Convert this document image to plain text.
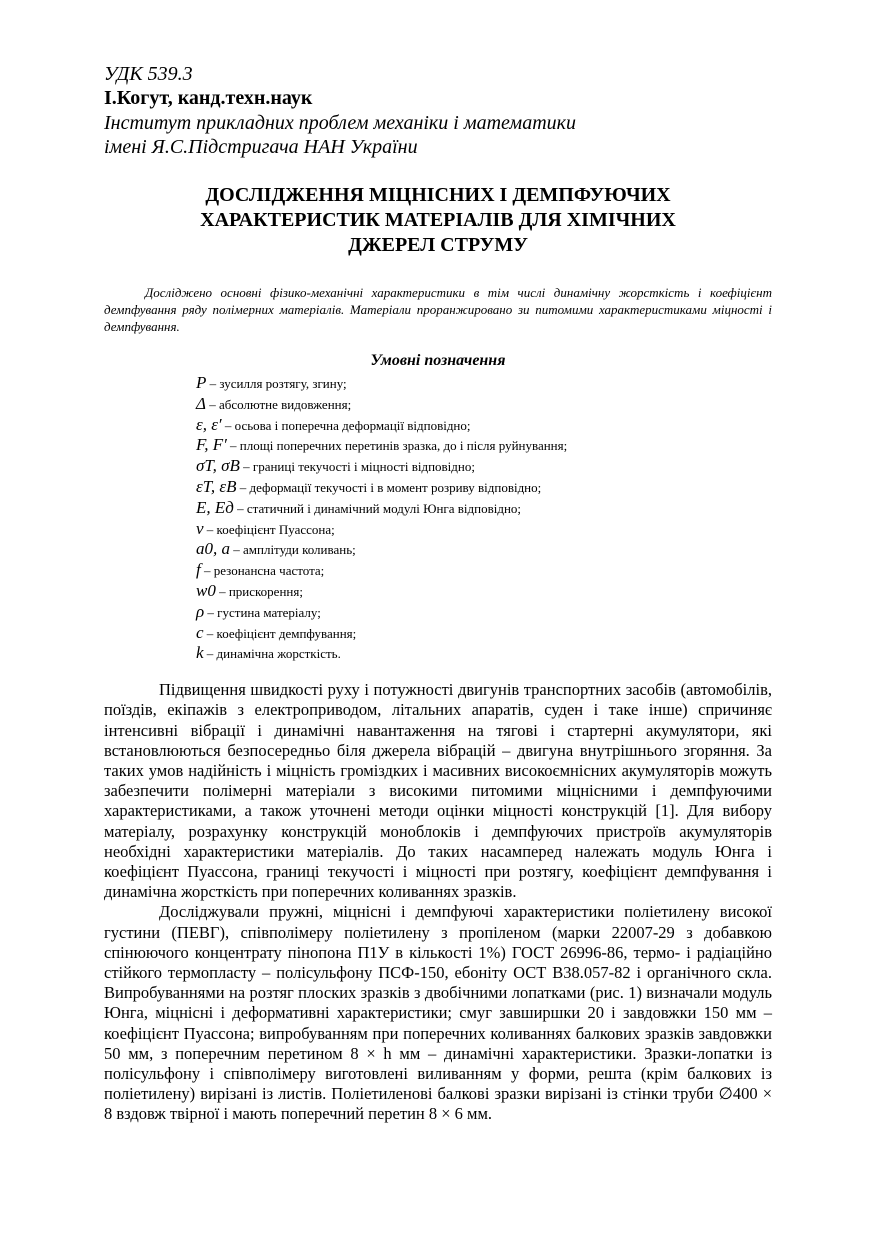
УДК 539.3

І.Когут, канд.техн.наук

Інститут прикладних проблем механіки і математики

імені Я.С.Підстригача НАН України

ДОСЛІДЖЕННЯ МІЦНІСНИХ І ДЕМПФУЮЧИХ
ХАРАКТЕРИСТИК МАТЕРІАЛІВ ДЛЯ ХІМІЧНИХ
ДЖЕРЕЛ СТРУМУ

Досліджено основні фізико-механічні характеристики в тім числі динамічну жорсткість і коефіцієнт демпфування ряду полімерних матеріалів. Матеріали проранжировано зи питомими характеристиками міцності і демпфування.

Умовні позначення

P – зусилля розтягу, згину;
Δ – абсолютне видовження;
ε, ε′ – осьова і поперечна деформації відповідно;
F, F′ – площі поперечних перетинів зразка, до і після руйнування;
σT, σB – границі текучості і міцності відповідно;
εT, εB – деформації текучості і в момент розриву відповідно;
E, Eд – статичний і динамічний модулі Юнга відповідно;
ν – коефіцієнт Пуассона;
a0, a – амплітуди коливань;
f – резонансна частота;
w0 – прискорення;
ρ – густина матеріалу;
c – коефіцієнт демпфування;
k – динамічна жорсткість.

Підвищення швидкості руху і потужності двигунів транспортних засобів (автомобілів, поїздів, екіпажів з електроприводом, літальних апаратів, суден і таке інше) спричиняє інтенсивні вібрації і динамічні навантаження на тягові і стартерні акумулятори, які встановлюються безпосередньо біля джерела вібрацій – двигуна внутрішнього згоряння. За таких умов надійність і міцність громіздких і масивних високоємнісних акумуляторів можуть забезпечити полімерні матеріали з високими питомими міцнісними і демпфуючими характеристиками, а також уточнені методи оцінки міцності конструкцій [1]. Для вибору матеріалу, розрахунку конструкцій моноблоків і демпфуючих пристроїв акумуляторів необхідні характеристики матеріалів. До таких насамперед належать модуль Юнга і коефіцієнт Пуассона, границі текучості і міцності при розтягу, коефіцієнт демпфування і динамічна жорсткість при поперечних коливаннях зразків.

Досліджували пружні, міцнісні і демпфуючі характеристики поліетилену високої густини (ПЕВГ), співполімеру поліетилену з пропіленом (марки 22007-29 з добавкою спінюючого концентрату пінопона П1У в кількості 1%) ГОСТ 26996-86, термо- і радіаційно стійкого термопласту – полісульфону ПСФ-150, ебоніту ОСТ В38.057-82 і органічного скла. Випробуваннями на розтяг плоских зразків з двобічними лопатками (рис. 1) визначали модуль Юнга, міцнісні і деформативні характеристики; смуг завширшки 20 і завдовжки 150 мм – коефіцієнт Пуассона; випробуванням при поперечних коливаннях балкових зразків завдовжки 50 мм, з поперечним перетином 8 × h мм – динамічні характеристики. Зразки-лопатки із полісульфону і співполімеру виготовлені виливанням у форми, решта (крім балкових із поліетилену) вирізані із листів. Поліетиленові балкові зразки вирізані із стінки труби ∅400 × 8 вздовж твірної і мають поперечний перетин 8 × 6 мм.
